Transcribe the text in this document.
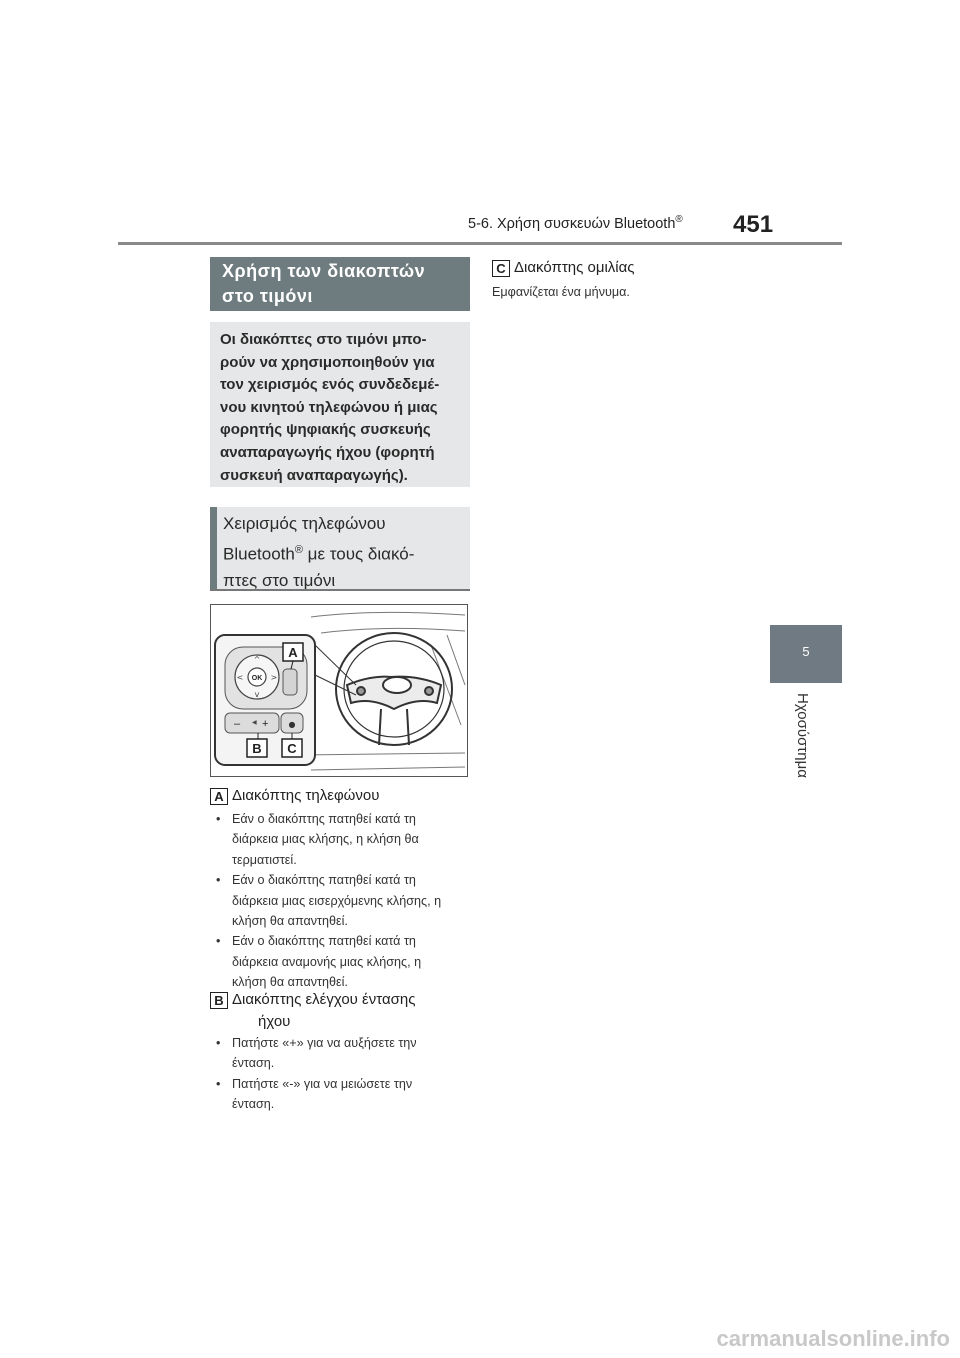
5-6. Χρήση συσκευών Bluetooth® 451
5
Ηχοσύστημα
Χρήση των διακοπτών
στο τιμόνι
Οι διακόπτες στο τιμόνι μπο-
ρούν να χρησιμοποιηθούν για
τον χειρισμός ενός συνδεδεμέ-
νου κινητού τηλεφώνου ή μιας
φορητής ψηφιακής συσκευής
αναπαραγωγής ήχου (φορητή
συσκευή αναπαραγωγής).
Χειρισμός τηλεφώνου
Bluetooth® με τους διακό-
πτες στο τιμόνι
OK
^
v
<	>
– ◀ +	●
B C
A
A Διακόπτης τηλεφώνου
• Εάν ο διακόπτης πατηθεί κατά τη
διάρκεια μιας κλήσης, η κλήση θα
τερματιστεί.
• Εάν ο διακόπτης πατηθεί κατά τη
διάρκεια μιας εισερχόμενης κλήσης, η
κλήση θα απαντηθεί.
• Εάν ο διακόπτης πατηθεί κατά τη
διάρκεια αναμονής μιας κλήσης, η
κλήση θα απαντηθεί.
B Διακόπτης ελέγχου έντασης
ήχου
• Πατήστε «+» για να αυξήσετε την
ένταση.
• Πατήστε «-» για να μειώσετε την
ένταση.
C Διακόπτης ομιλίας
Εμφανίζεται ένα μήνυμα.
carmanualsonline.info
